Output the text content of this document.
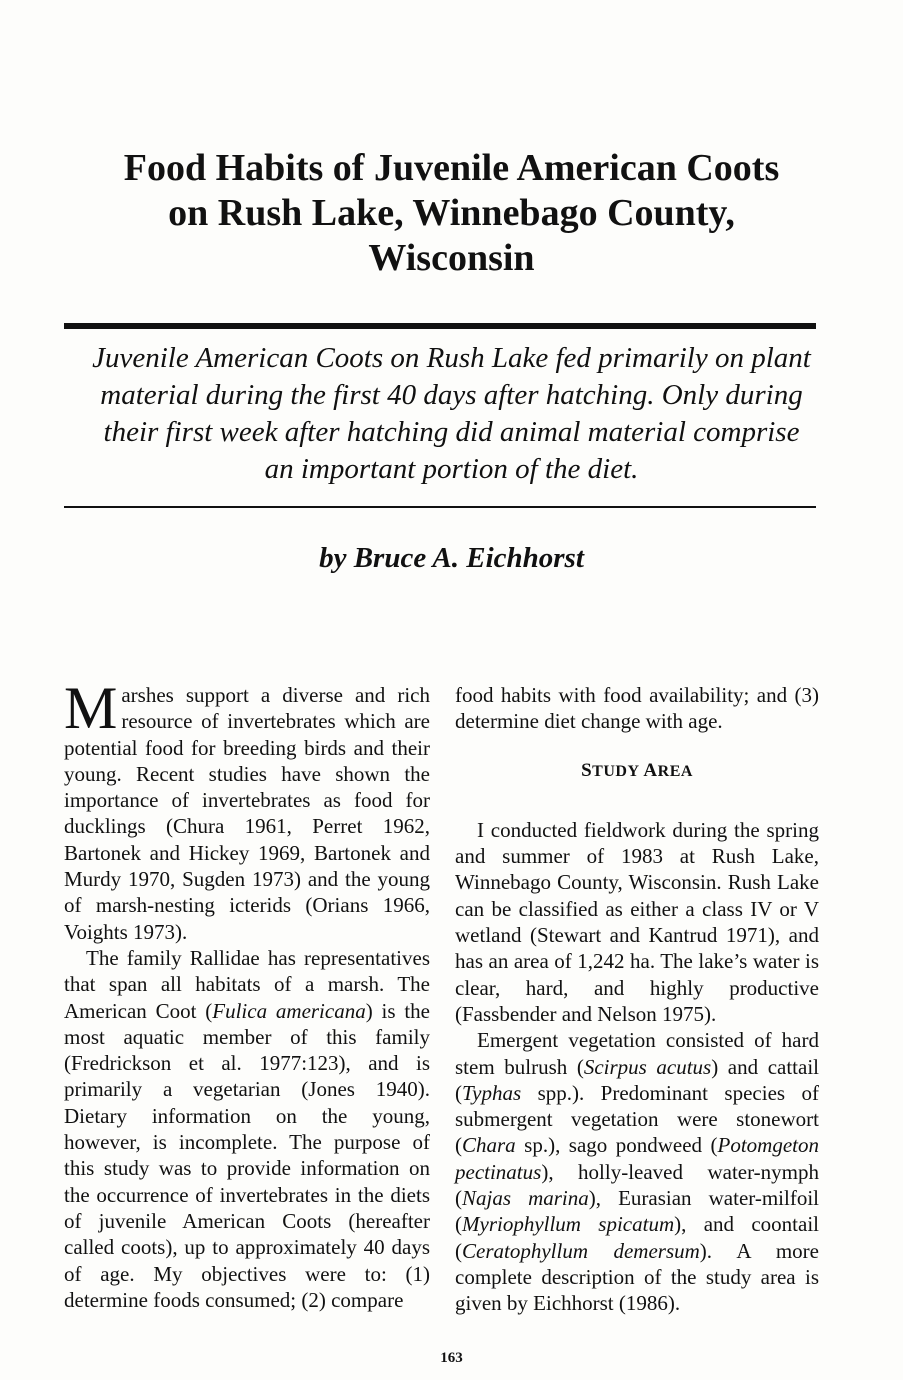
Food Habits of Juvenile American Coots
on Rush Lake, Winnebago County,
Wisconsin
Juvenile American Coots on Rush Lake fed primarily on plant
material during the first 40 days after hatching. Only during
their first week after hatching did animal material comprise
an important portion of the diet.
by Bruce A. Eichhorst

Marshes support a diverse and rich resource of invertebrates which are potential food for breeding birds and their young. Recent studies have shown the importance of invertebrates as food for ducklings (Chura 1961, Perret 1962, Bartonek and Hickey 1969, Bartonek and Murdy 1970, Sugden 1973) and the young of marsh-nesting icterids (Orians 1966, Voights 1973).

The family Rallidae has representatives that span all habitats of a marsh. The American Coot (Fulica americana) is the most aquatic member of this family (Fredrickson et al. 1977:123), and is primarily a vegetarian (Jones 1940). Dietary information on the young, however, is incomplete. The purpose of this study was to provide information on the occurrence of invertebrates in the diets of juvenile American Coots (hereafter called coots), up to approximately 40 days of age. My objectives were to: (1) determine foods consumed; (2) compare

food habits with food availability; and (3) determine diet change with age.

STUDY AREA

I conducted fieldwork during the spring and summer of 1983 at Rush Lake, Winnebago County, Wisconsin. Rush Lake can be classified as either a class IV or V wetland (Stewart and Kantrud 1971), and has an area of 1,242 ha. The lake’s water is clear, hard, and highly productive (Fassbender and Nelson 1975).

Emergent vegetation consisted of hard stem bulrush (Scirpus acutus) and cattail (Typhas spp.). Predominant species of submergent vegetation were stonewort (Chara sp.), sago pondweed (Potomgeton pectinatus), holly-leaved water-nymph (Najas marina), Eurasian water-milfoil (Myriophyllum spicatum), and coontail (Ceratophyllum demersum). A more complete description of the study area is given by Eichhorst (1986).

163
